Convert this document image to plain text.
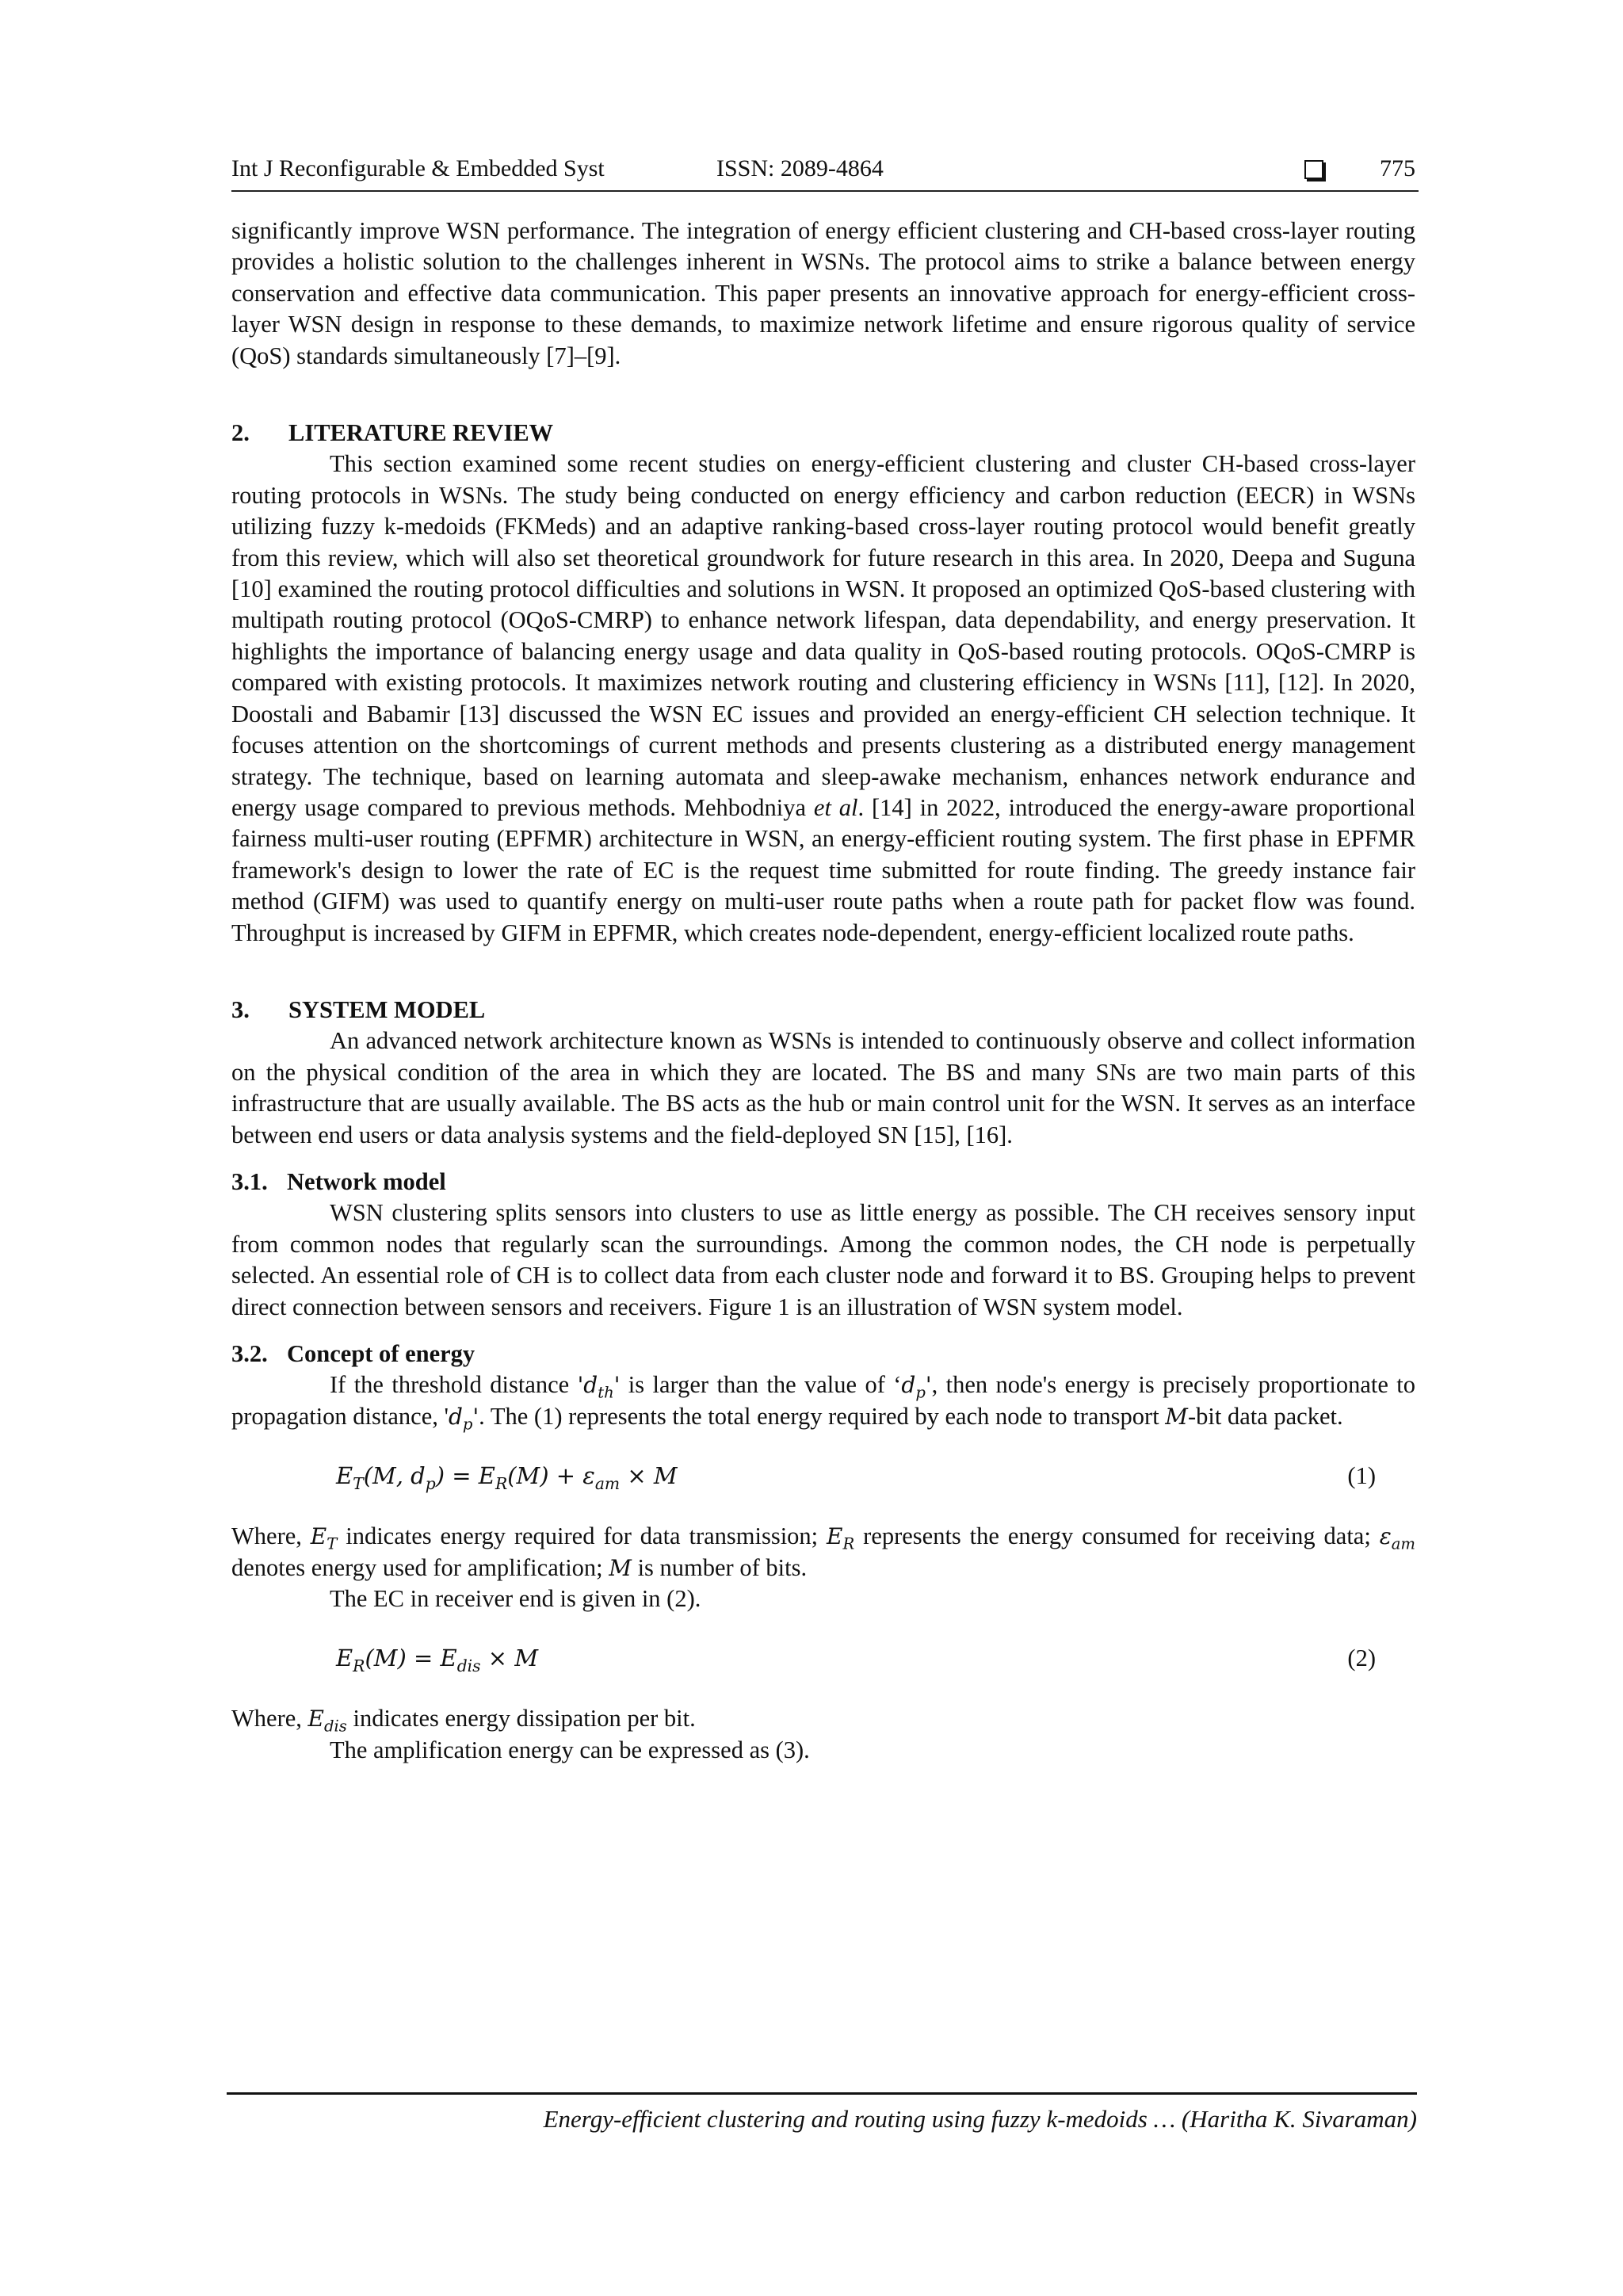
Int J Reconfigurable & Embedded Syst	ISSN: 2089-4864	775

significantly improve WSN performance. The integration of energy efficient clustering and CH-based cross-layer routing provides a holistic solution to the challenges inherent in WSNs. The protocol aims to strike a balance between energy conservation and effective data communication. This paper presents an innovative approach for energy-efficient cross-layer WSN design in response to these demands, to maximize network lifetime and ensure rigorous quality of service (QoS) standards simultaneously [7]–[9].

2. LITERATURE REVIEW

This section examined some recent studies on energy-efficient clustering and cluster CH-based cross-layer routing protocols in WSNs. The study being conducted on energy efficiency and carbon reduction (EECR) in WSNs utilizing fuzzy k-medoids (FKMeds) and an adaptive ranking-based cross-layer routing protocol would benefit greatly from this review, which will also set theoretical groundwork for future research in this area. In 2020, Deepa and Suguna [10] examined the routing protocol difficulties and solutions in WSN. It proposed an optimized QoS-based clustering with multipath routing protocol (OQoS-CMRP) to enhance network lifespan, data dependability, and energy preservation. It highlights the importance of balancing energy usage and data quality in QoS-based routing protocols. OQoS-CMRP is compared with existing protocols. It maximizes network routing and clustering efficiency in WSNs [11], [12]. In 2020, Doostali and Babamir [13] discussed the WSN EC issues and provided an energy-efficient CH selection technique. It focuses attention on the shortcomings of current methods and presents clustering as a distributed energy management strategy. The technique, based on learning automata and sleep-awake mechanism, enhances network endurance and energy usage compared to previous methods. Mehbodniya et al. [14] in 2022, introduced the energy-aware proportional fairness multi-user routing (EPFMR) architecture in WSN, an energy-efficient routing system. The first phase in EPFMR framework's design to lower the rate of EC is the request time submitted for route finding. The greedy instance fair method (GIFM) was used to quantify energy on multi-user route paths when a route path for packet flow was found. Throughput is increased by GIFM in EPFMR, which creates node-dependent, energy-efficient localized route paths.

3. SYSTEM MODEL

An advanced network architecture known as WSNs is intended to continuously observe and collect information on the physical condition of the area in which they are located. The BS and many SNs are two main parts of this infrastructure that are usually available. The BS acts as the hub or main control unit for the WSN. It serves as an interface between end users or data analysis systems and the field-deployed SN [15], [16].

3.1. Network model

WSN clustering splits sensors into clusters to use as little energy as possible. The CH receives sensory input from common nodes that regularly scan the surroundings. Among the common nodes, the CH node is perpetually selected. An essential role of CH is to collect data from each cluster node and forward it to BS. Grouping helps to prevent direct connection between sensors and receivers. Figure 1 is an illustration of WSN system model.

3.2. Concept of energy

If the threshold distance '$d_{th}$' is larger than the value of ‘$d_p'$, then node's energy is precisely proportionate to propagation distance, '$d_p$'. The (1) represents the total energy required by each node to transport M-bit data packet.

$E_T(M$, $d_p) = E_R(M) + \varepsilon_{am} \times M$	(1)

Where, $E_T$ indicates energy required for data transmission; $E_R$ represents the energy consumed for receiving data; $\varepsilon_{am}$ denotes energy used for amplification; M is number of bits.

The EC in receiver end is given in (2).

$E_R(M) = E_{dis} \times M$	(2)

Where, $E_{dis}$ indicates energy dissipation per bit.

The amplification energy can be expressed as (3).

Energy-efficient clustering and routing using fuzzy k-medoids … (Haritha K. Sivaraman)
